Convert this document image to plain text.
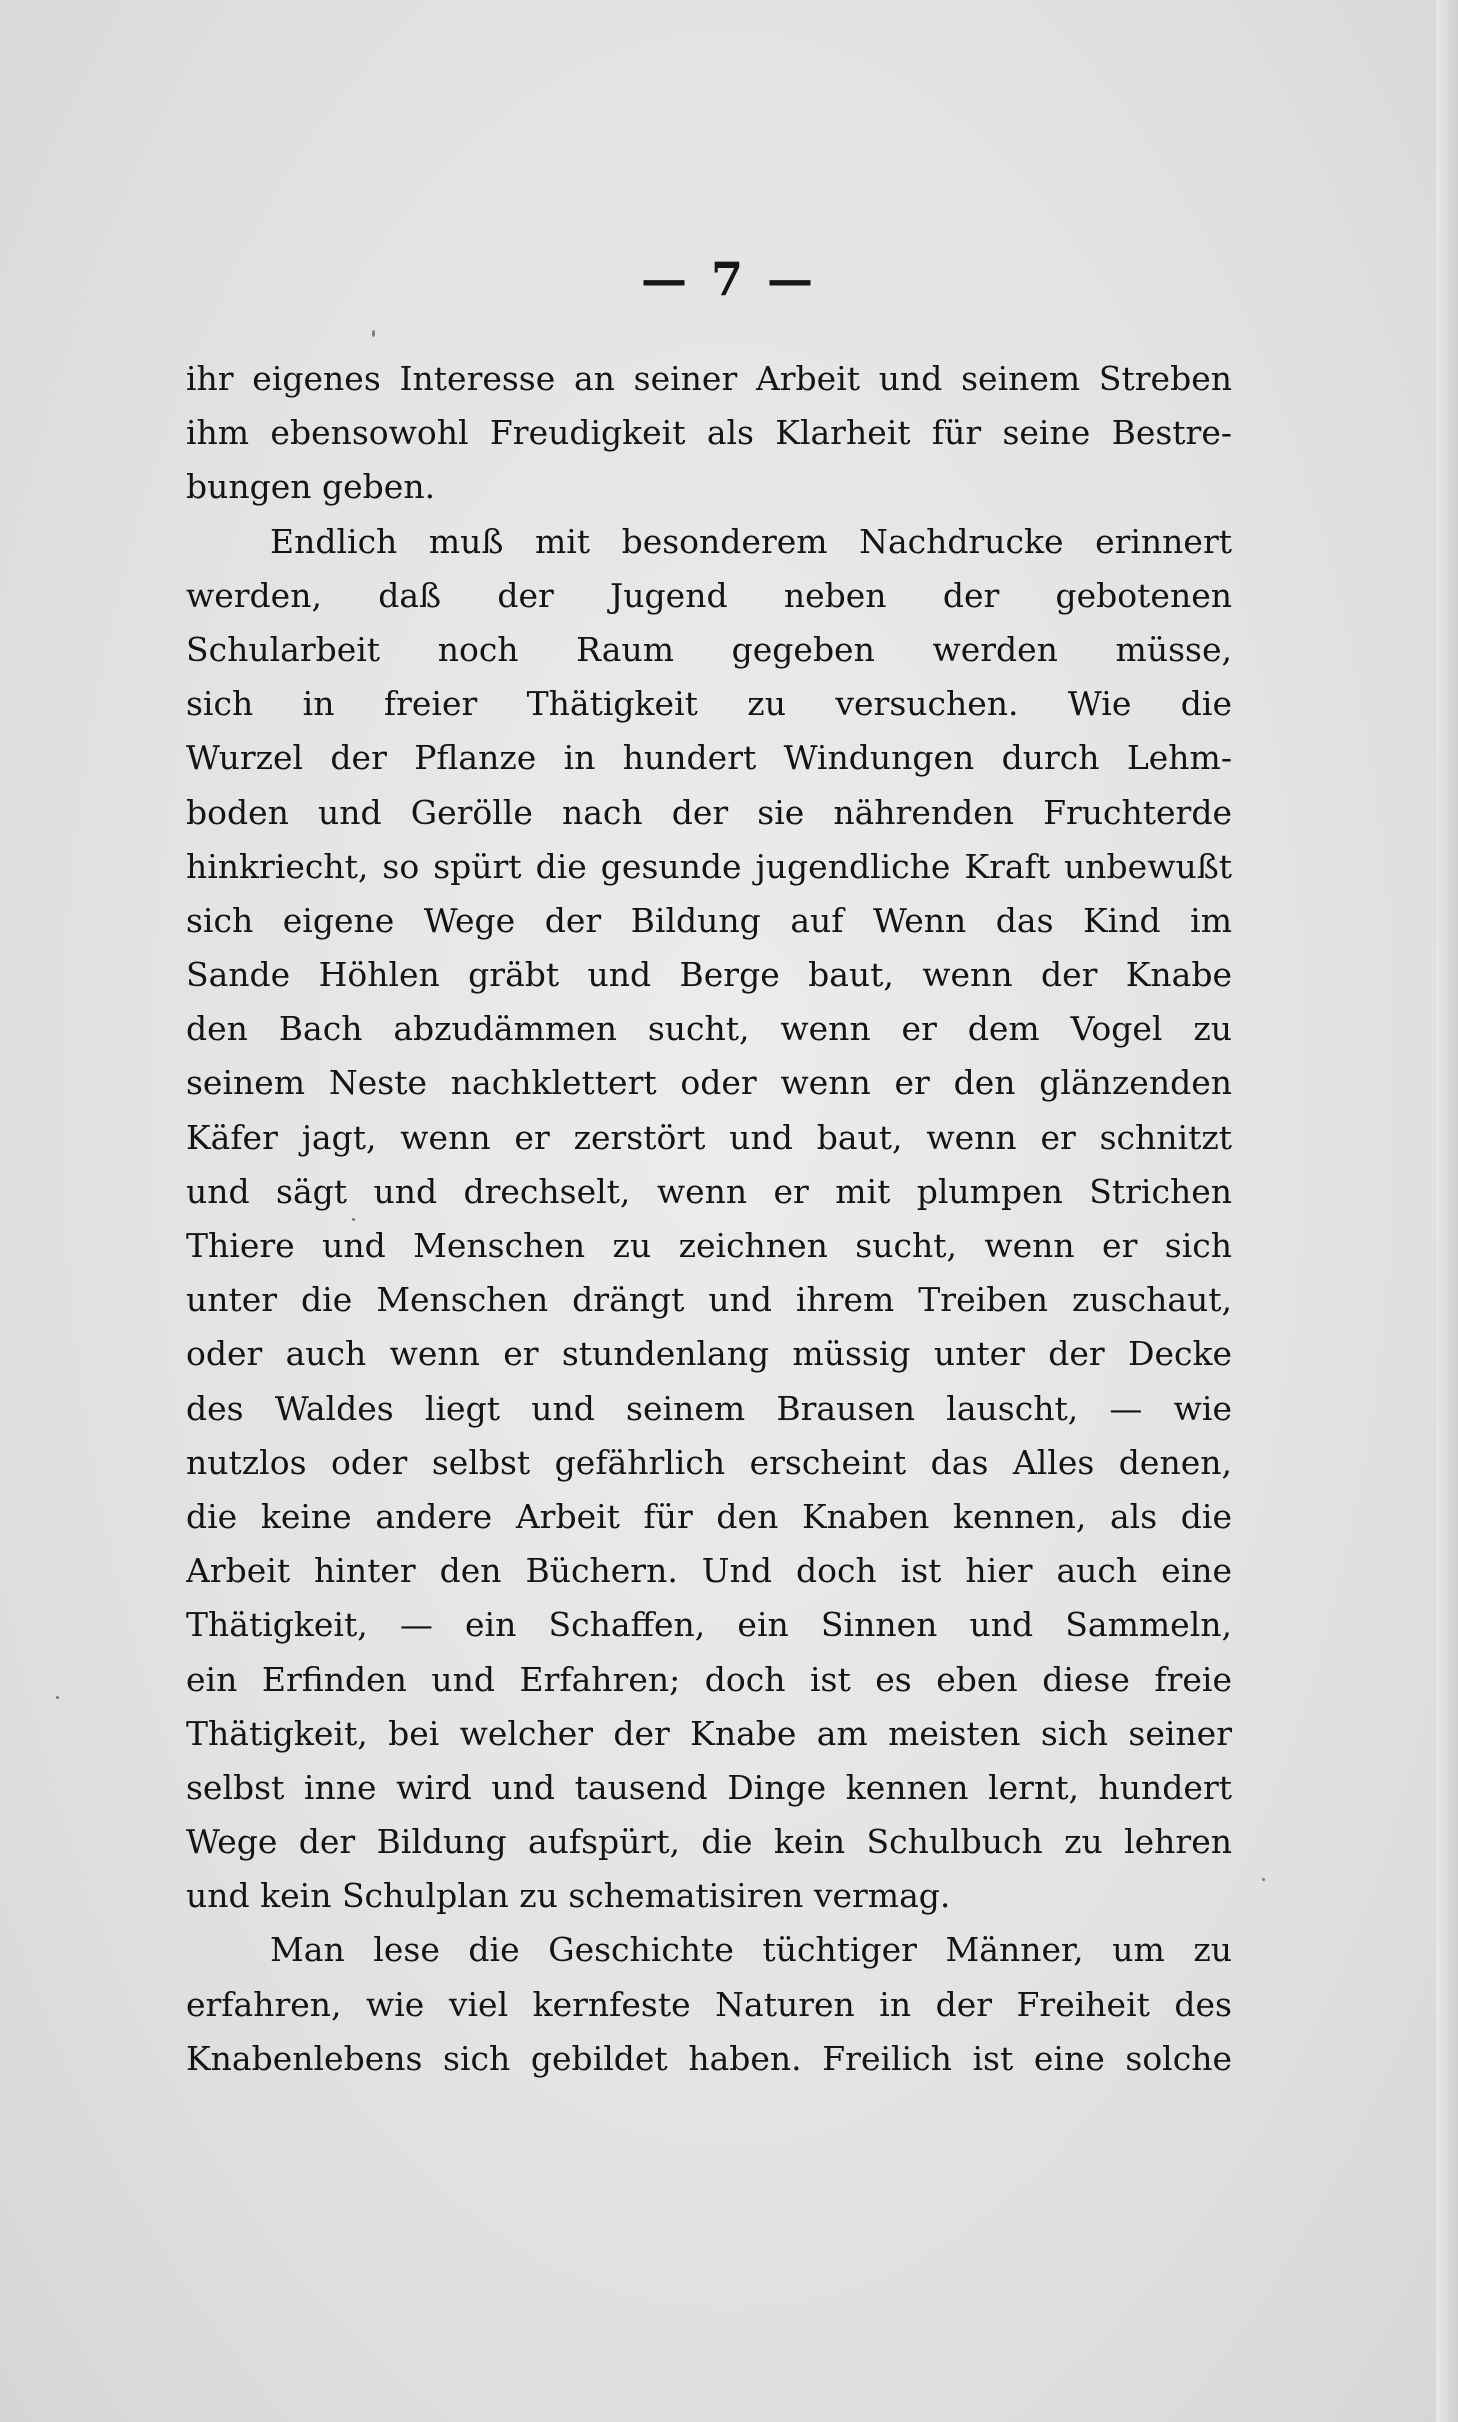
— 7 —
ihr eigenes Interesse an seiner Arbeit und seinem Streben
ihm ebensowohl Freudigkeit als Klarheit für seine Bestre-
bungen geben.
Endlich muß mit besonderem Nachdrucke erinnert
werden, daß der Jugend neben der gebotenen
Schularbeit noch Raum gegeben werden müsse,
sich in freier Thätigkeit zu versuchen. Wie die
Wurzel der Pflanze in hundert Windungen durch Lehm-
boden und Gerölle nach der sie nährenden Fruchterde
hinkriecht, so spürt die gesunde jugendliche Kraft unbewußt
sich eigene Wege der Bildung auf Wenn das Kind im
Sande Höhlen gräbt und Berge baut, wenn der Knabe
den Bach abzudämmen sucht, wenn er dem Vogel zu
seinem Neste nachklettert oder wenn er den glänzenden
Käfer jagt, wenn er zerstört und baut, wenn er schnitzt
und sägt und drechselt, wenn er mit plumpen Strichen
Thiere und Menschen zu zeichnen sucht, wenn er sich
unter die Menschen drängt und ihrem Treiben zuschaut,
oder auch wenn er stundenlang müssig unter der Decke
des Waldes liegt und seinem Brausen lauscht, — wie
nutzlos oder selbst gefährlich erscheint das Alles denen,
die keine andere Arbeit für den Knaben kennen, als die
Arbeit hinter den Büchern. Und doch ist hier auch eine
Thätigkeit, — ein Schaffen, ein Sinnen und Sammeln,
ein Erfinden und Erfahren; doch ist es eben diese freie
Thätigkeit, bei welcher der Knabe am meisten sich seiner
selbst inne wird und tausend Dinge kennen lernt, hundert
Wege der Bildung aufspürt, die kein Schulbuch zu lehren
und kein Schulplan zu schematisiren vermag.
Man lese die Geschichte tüchtiger Männer, um zu
erfahren, wie viel kernfeste Naturen in der Freiheit des
Knabenlebens sich gebildet haben. Freilich ist eine solche
